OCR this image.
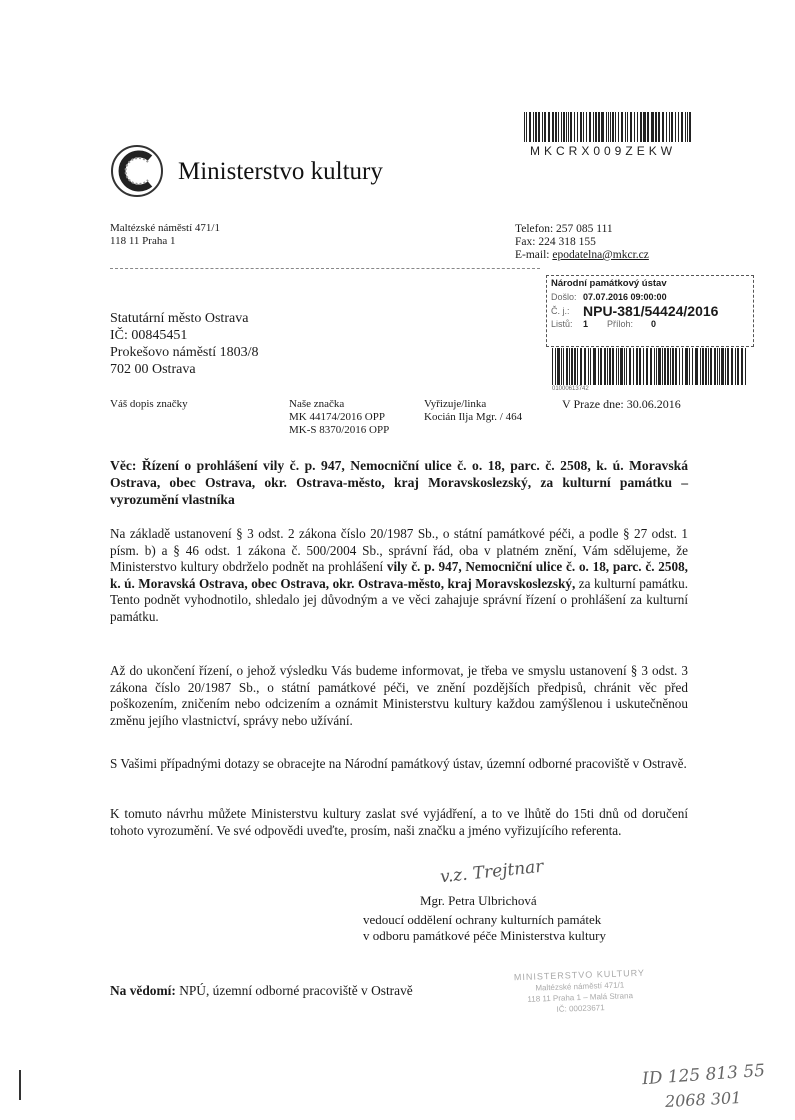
MKCRX009ZEKW
Ministerstvo kultury
Maltézské náměstí 471/1
118 11 Praha 1
Telefon: 257 085 111
Fax: 224 318 155
E-mail: epodatelna@mkcr.cz
Národní památkový ústav
Došlo: 07.07.2016 09:00:00
Č. j.: NPU-381/54424/2016
Listů: 1	Příloh:	0
01000613742
Statutární město Ostrava
IČ: 00845451
Prokešovo náměstí 1803/8
702 00 Ostrava
Váš dopis značky	Naše značka
MK 44174/2016 OPP
MK-S 8370/2016 OPP
Vyřizuje/linka
Kocián Ilja Mgr. / 464
V Praze dne: 30.06.2016
Věc: Řízení o prohlášení vily č. p. 947, Nemocniční ulice č. o. 18, parc. č. 2508, k. ú. Moravská Ostrava, obec Ostrava, okr. Ostrava-město, kraj Moravskoslezský, za kulturní památku – vyrozumění vlastníka
Na základě ustanovení § 3 odst. 2 zákona číslo 20/1987 Sb., o státní památkové péči, a podle § 27 odst. 1 písm. b) a § 46 odst. 1 zákona č. 500/2004 Sb., správní řád, oba v platném znění, Vám sdělujeme, že Ministerstvo kultury obdrželo podnět na prohlášení vily č. p. 947, Nemocniční ulice č. o. 18, parc. č. 2508, k. ú. Moravská Ostrava, obec Ostrava, okr. Ostrava-město, kraj Moravskoslezský, za kulturní památku. Tento podnět vyhodnotilo, shledalo jej důvodným a ve věci zahajuje správní řízení o prohlášení za kulturní památku.
Až do ukončení řízení, o jehož výsledku Vás budeme informovat, je třeba ve smyslu ustanovení § 3 odst. 3 zákona číslo 20/1987 Sb., o státní památkové péči, ve znění pozdějších předpisů, chránit věc před poškozením, zničením nebo odcizením a oznámit Ministerstvu kultury každou zamýšlenou i uskutečněnou změnu jejího vlastnictví, správy nebo užívání.
S Vašimi případnými dotazy se obracejte na Národní památkový ústav, územní odborné pracoviště v Ostravě.
K tomuto návrhu můžete Ministerstvu kultury zaslat své vyjádření, a to ve lhůtě do 15ti dnů od doručení tohoto vyrozumění. Ve své odpovědi uveďte, prosím, naši značku a jméno vyřizujícího referenta.
v.z. Trejtnar
Mgr. Petra Ulbrichová
vedoucí oddělení ochrany kulturních památek
v odboru památkové péče Ministerstva kultury
Na vědomí: NPÚ, územní odborné pracoviště v Ostravě
MINISTERSTVO KULTURY
Maltézské náměstí 471/1
118 11 Praha 1 – Malá Strana
IČ: 00023671
ID 125 813 55
2068 301
